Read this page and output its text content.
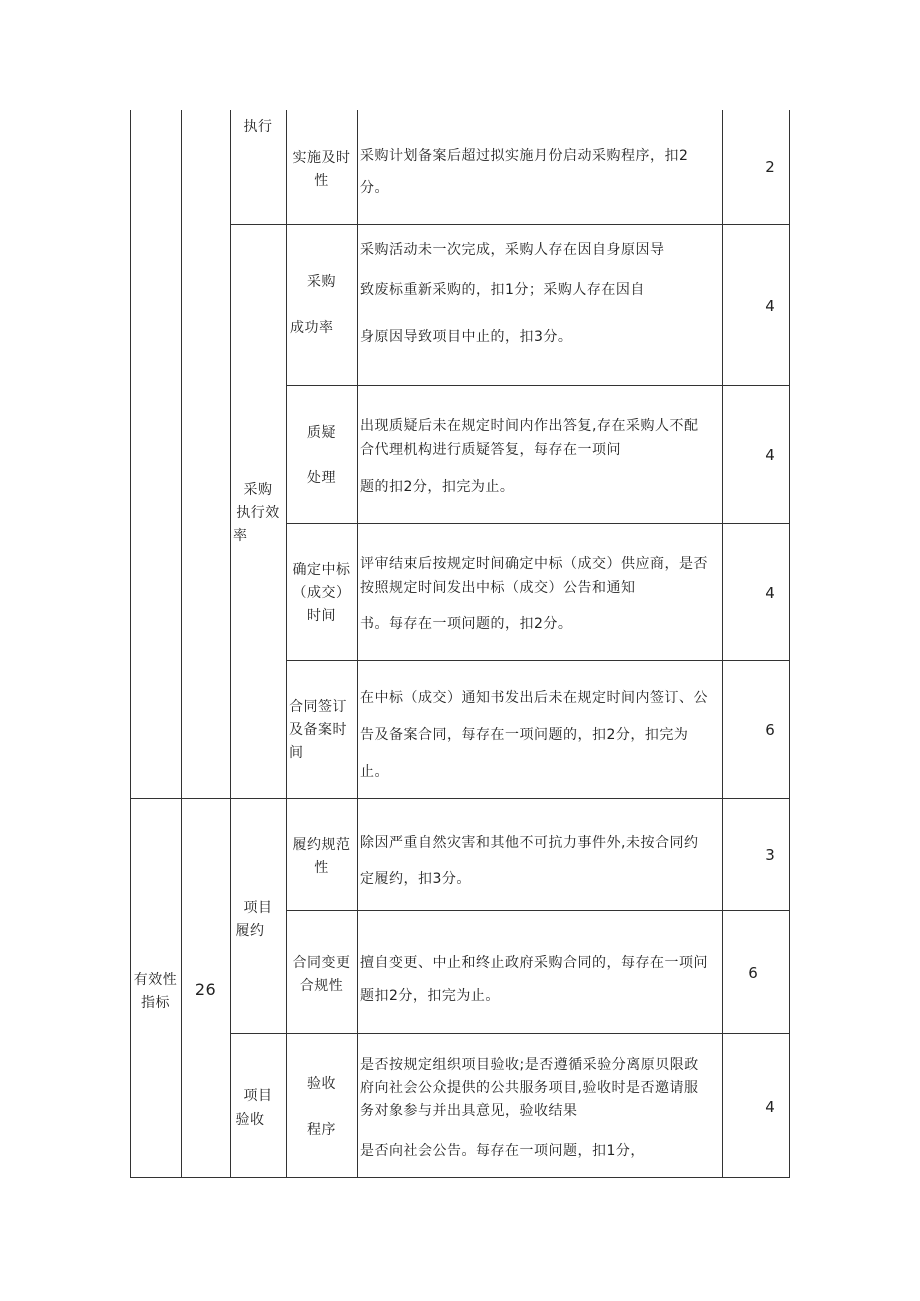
有效性
指标
26
执行
采购
执行效
率
项目
履约
项目
验收
实施及时
性
采购计划备案后超过拟实施月份启动采购程序，扣2
分。
2
采购
成功率
采购活动未一次完成，采购人存在因自身原因导
致废标重新采购的，扣1分；采购人存在因自
身原因导致项目中止的，扣3分。
4
质疑
处理
出现质疑后未在规定时间内作出答复,存在采购人不配
合代理机构进行质疑答复，每存在一项问
题的扣2分，扣完为止。
4
确定中标
（成交）
时间
评审结束后按规定时间确定中标（成交）供应商，是否
按照规定时间发出中标（成交）公告和通知
书。每存在一项问题的，扣2分。
4
合同签订
及备案时
间
在中标（成交）通知书发出后未在规定时间内签订、公
告及备案合同，每存在一项问题的，扣2分，扣完为
止。
6
履约规范
性
除因严重自然灾害和其他不可抗力事件外,未按合同约
定履约，扣3分。
3
合同变更
合规性
擅自变更、中止和终止政府采购合同的，每存在一项问
题扣2分，扣完为止。
6
验收
程序
是否按规定组织项目验收;是否遵循采验分离原贝限政
府向社会公众提供的公共服务项目,验收时是否邀请服
务对象参与并出具意见，验收结果
是否向社会公告。每存在一项问题，扣1分，
4
